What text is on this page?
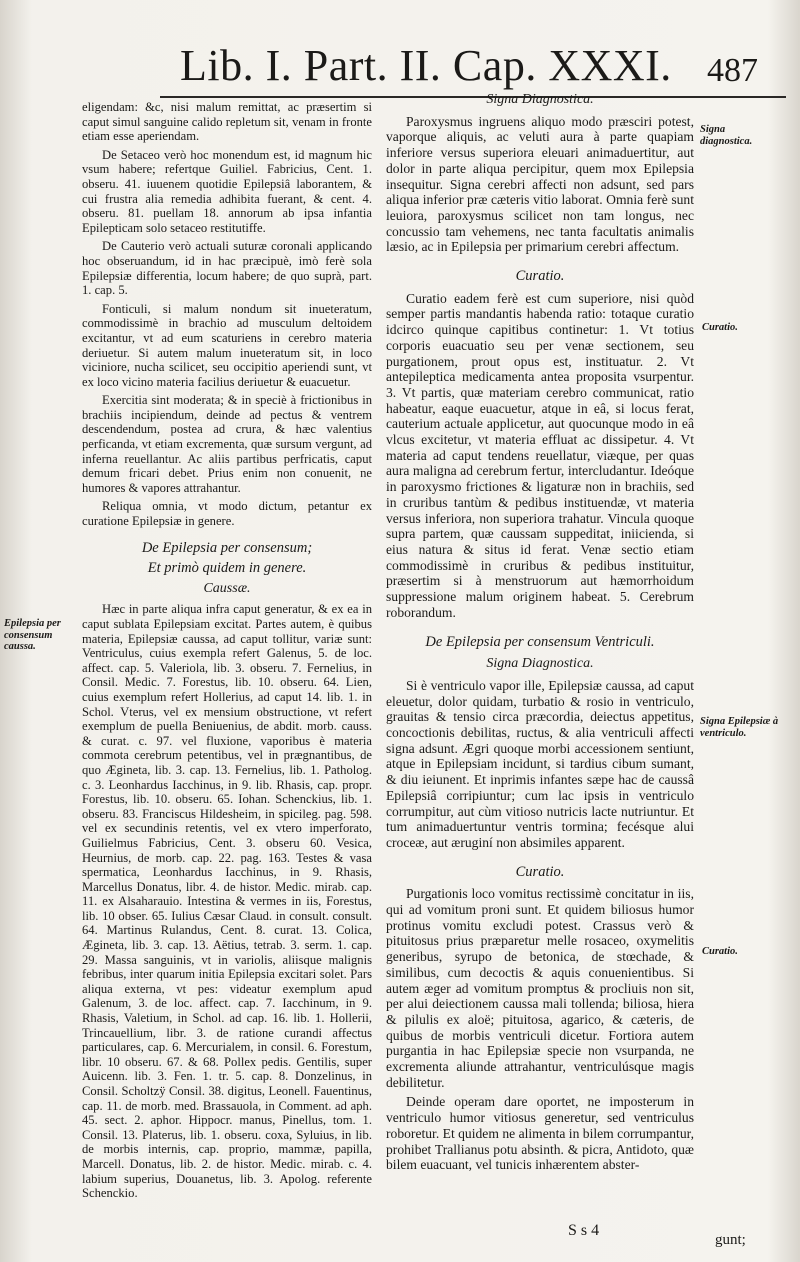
Lib. I. Part. II. Cap. XXXI. 487

eligendam: &c, nisi malum remittat, ac præsertim si caput simul sanguine calido repletum sit, venam in fronte etiam esse aperiendam.

De Setaceo verò hoc monendum est, id magnum hic vsum habere; refertque Guiliel. Fabricius, Cent. 1. obseru. 41. iuuenem quotidie Epilepsiâ laborantem, & cui frustra alia remedia adhibita fuerant, & cent. 4. obseru. 81. puellam 18. annorum ab ipsa infantia Epilepticam solo setaceo restitutiffe.

De Cauterio verò actuali suturæ coronali applicando hoc obseruandum, id in hac præcipuè, imò ferè sola Epilepsiæ differentia, locum habere; de quo suprà, part. 1. cap. 5.

Fonticuli, si malum nondum sit inueteratum, commodissimè in brachio ad musculum deltoidem excitantur, vt ad eum scaturiens in cerebro materia deriuetur. Si autem malum inueteratum sit, in loco viciniore, nucha scilicet, seu occipitio aperiendi sunt, vt ex loco vicino materia facilius deriuetur & euacuetur.

Exercitia sint moderata; & in speciè à frictionibus in brachiis incipiendum, deinde ad pectus & ventrem descendendum, postea ad crura, & hæc valentius perficanda, vt etiam excrementa, quæ sursum vergunt, ad inferna reuellantur. Ac aliis partibus perfricatis, caput demum fricari debet. Prius enim non conuenit, ne humores & vapores attrahantur.

Reliqua omnia, vt modo dictum, petantur ex curatione Epilepsiæ in genere.

De Epilepsia per consensum;
Et primò quidem in genere.
Caussæ.

Hæc in parte aliqua infra caput generatur, & ex ea in caput sublata Epilepsiam excitat. Partes autem, è quibus materia, Epilepsiæ caussa, ad caput tollitur, variæ sunt: Ventriculus, cuius exempla refert Galenus, 5. de loc. affect. cap. 5. Valeriola, lib. 3. obseru. 7. Fernelius, in Consil. Medic. 7. Forestus, lib. 10. obseru. 64. Lien, cuius exemplum refert Hollerius, ad caput 14. lib. 1. in Schol. Vterus, vel ex mensium obstructione, vt refert exemplum de puella Beniuenius, de abdit. morb. causs. & curat. c. 97. vel fluxione, vaporibus è materia commota cerebrum petentibus, vel in prægnantibus, de quo Ægineta, lib. 3. cap. 13. Fernelius, lib. 1. Patholog. c. 3. Leonhardus Iacchinus, in 9. lib. Rhasis, cap. propr. Forestus, lib. 10. obseru. 65. Iohan. Schenckius, lib. 1. obseru. 83. Franciscus Hildesheim, in spicileg. pag. 598. vel ex secundinis retentis, vel ex vtero imperforato, Guilielmus Fabricius, Cent. 3. obseru 60. Vesica, Heurnius, de morb. cap. 22. pag. 163. Testes & vasa spermatica, Leonhardus Iacchinus, in 9. Rhasis, Marcellus Donatus, libr. 4. de histor. Medic. mirab. cap. 11. ex Alsaharauio. Intestina & vermes in iis, Forestus, lib. 10 obser. 65. Iulius Cæsar Claud. in consult. consult. 64. Martinus Rulandus, Cent. 8. curat. 13. Colica, Ægineta, lib. 3. cap. 13. Aëtius, tetrab. 3. serm. 1. cap. 29. Massa sanguinis, vt in variolis, aliisque malignis febribus, inter quarum initia Epilepsia excitari solet. Pars aliqua externa, vt pes: videatur exemplum apud Galenum, 3. de loc. affect. cap. 7. Iacchinum, in 9. Rhasis, Valetium, in Schol. ad cap. 16. lib. 1. Hollerii, Trincauellium, libr. 3. de ratione curandi affectus particulares, cap. 6. Mercurialem, in consil. 6. Forestum, libr. 10 obseru. 67. & 68. Pollex pedis. Gentilis, super Auicenn. lib. 3. Fen. 1. tr. 5. cap. 8. Donzelinus, in Consil. Scholtzÿ Consil. 38. digitus, Leonell. Fauentinus, cap. 11. de morb. med. Brassauola, in Comment. ad aph. 45. sect. 2. aphor. Hippocr. manus, Pinellus, tom. 1. Consil. 13. Platerus, lib. 1. obseru. coxa, Syluius, in lib. de morbis internis, cap. proprio, mammæ, papilla, Marcell. Donatus, lib. 2. de histor. Medic. mirab. c. 4. labium superius, Douanetus, lib. 3. Apolog. referente Schenckio.

Signa Diagnostica.

Paroxysmus ingruens aliquo modo præsciri potest, vaporque aliquis, ac veluti aura à parte quapiam inferiore versus superiora eleuari animaduertitur, aut dolor in parte aliqua percipitur, quem mox Epilepsia insequitur. Signa cerebri affecti non adsunt, sed pars aliqua inferior præ cæteris vitio laborat. Omnia ferè sunt leuiora, paroxysmus scilicet non tam longus, nec concussio tam vehemens, nec tanta facultatis animalis læsio, ac in Epilepsia per primarium cerebri affectum.

Curatio.

Curatio eadem ferè est cum superiore, nisi quòd semper partis mandantis habenda ratio: totaque curatio idcirco quinque capitibus continetur: 1. Vt totius corporis euacuatio seu per venæ sectionem, seu purgationem, prout opus est, instituatur. 2. Vt antepileptica medicamenta antea proposita vsurpentur. 3. Vt partis, quæ materiam cerebro communicat, ratio habeatur, eaque euacuetur, atque in eâ, si locus ferat, cauterium actuale applicetur, aut quocunque modo in eâ vlcus excitetur, vt materia effluat ac dissipetur. 4. Vt materia ad caput tendens reuellatur, viæque, per quas aura maligna ad cerebrum fertur, intercludantur. Ideóque in paroxysmo frictiones & ligaturæ non in brachiis, sed in cruribus tantùm & pedibus instituendæ, vt materia versus inferiora, non superiora trahatur. Vincula quoque supra partem, quæ caussam suppeditat, iniicienda, si eius natura & situs id ferat. Venæ sectio etiam commodissimè in cruribus & pedibus instituitur, præsertim si à menstruorum aut hæmorrhoidum suppressione malum originem habeat. 5. Cerebrum roborandum.

De Epilepsia per consensum Ventriculi.
Signa Diagnostica.

Si è ventriculo vapor ille, Epilepsiæ caussa, ad caput eleuetur, dolor quidam, turbatio & rosio in ventriculo, grauitas & tensio circa præcordia, deiectus appetitus, concoctionis debilitas, ructus, & alia ventriculi affecti signa adsunt. Ægri quoque morbi accessionem sentiunt, atque in Epilepsiam incidunt, si tardius cibum sumant, & diu ieiunent. Et inprimis infantes sæpe hac de caussâ Epilepsiâ corripiuntur; cum lac ipsis in ventriculo corrumpitur, aut cùm vitioso nutricis lacte nutriuntur. Et tum animaduertuntur ventris tormina; fecésque alui croceæ, aut æruginí non absimiles apparent.

Curatio.

Purgationis loco vomitus rectissimè concitatur in iis, qui ad vomitum proni sunt. Et quidem biliosus humor protinus vomitu excludi potest. Crassus verò & pituitosus prius præparetur melle rosaceo, oxymelitis generibus, syrupo de betonica, de stœchade, & similibus, cum decoctis & aquis conuenientibus. Si autem æger ad vomitum promptus & procliuis non sit, per alui deiectionem caussa mali tollenda; biliosa, hiera & pilulis ex aloë; pituitosa, agarico, & cæteris, de quibus de morbis ventriculi dicetur. Fortiora autem purgantia in hac Epilepsiæ specie non vsurpanda, ne excrementa aliunde attrahantur, ventriculúsque magis debilitetur.

Deinde operam dare oportet, ne imposterum in ventriculo humor vitiosus generetur, sed ventriculus roboretur. Et quidem ne alimenta in bilem corrumpantur, prohibet Trallianus potu absinth. & picra, Antidoto, quæ bilem euacuant, vel tunicis inhærentem abster-

Signa diagnostica.
Curatio.
Epilepsia per consensum caussa.
Signa Epilepsiæ à ventriculo.
Curatio.
S s 4
gunt;
